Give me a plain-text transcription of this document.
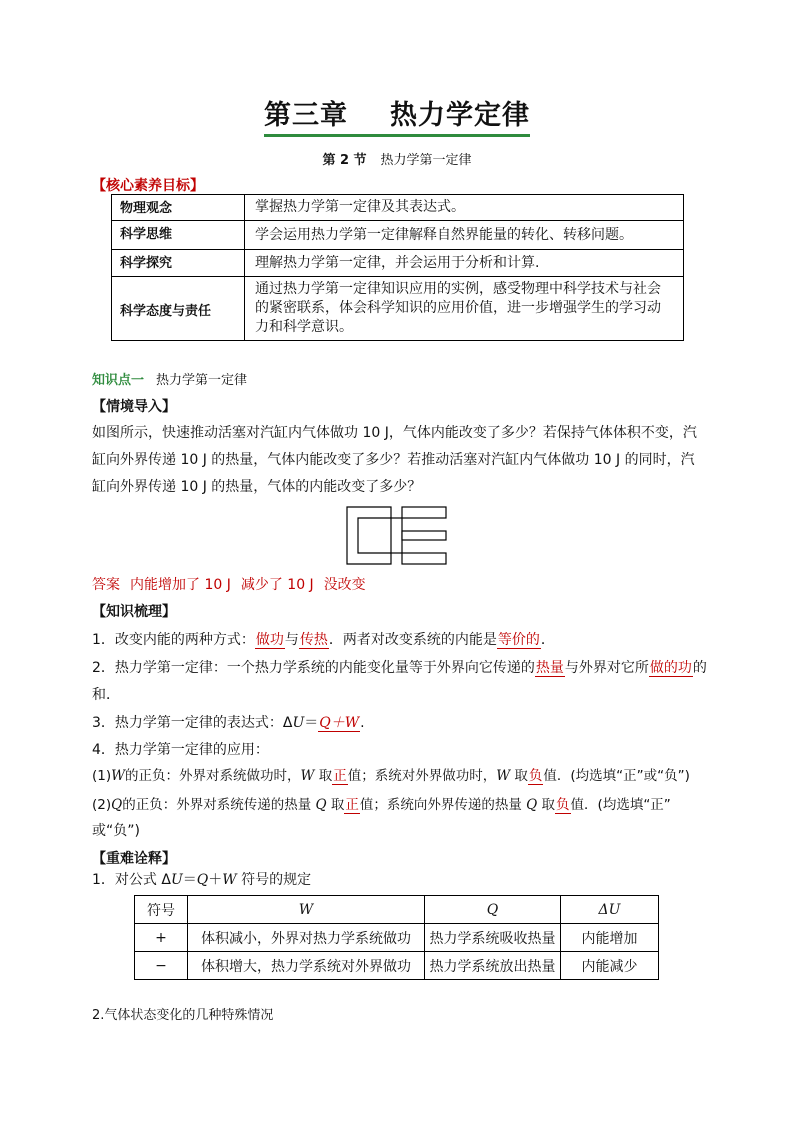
第三章 热力学定律
第 2 节 热力学第一定律
【核心素养目标】
物理观念	掌握热力学第一定律及其表达式。
科学思维	学会运用热力学第一定律解释自然界能量的转化、转移问题。
科学探究	理解热力学第一定律，并会运用于分析和计算.
科学态度与责任	通过热力学第一定律知识应用的实例，感受物理中科学技术与社会的紧密联系，体会科学知识的应用价值，进一步增强学生的学习动力和科学意识。
知识点一 热力学第一定律
【情境导入】
如图所示，快速推动活塞对汽缸内气体做功 10 J，气体内能改变了多少？若保持气体体积不变，汽缸向外界传递 10 J 的热量，气体内能改变了多少？若推动活塞对汽缸内气体做功 10 J 的同时，汽缸向外界传递 10 J 的热量，气体的内能改变了多少？
答案 内能增加了 10 J 减少了 10 J 没改变
【知识梳理】
1．改变内能的两种方式：做功与传热．两者对改变系统的内能是等价的．
2．热力学第一定律：一个热力学系统的内能变化量等于外界向它传递的热量与外界对它所做的功的
和．
3．热力学第一定律的表达式：ΔU＝Q＋W.
4．热力学第一定律的应用：
(1)W的正负：外界对系统做功时，W 取正值；系统对外界做功时，W 取负值．(均选填“正”或“负”)
(2)Q的正负：外界对系统传递的热量 Q 取正值；系统向外界传递的热量 Q 取负值．(均选填“正”
或“负”)
【重难诠释】
1．对公式 ΔU＝Q＋W 符号的规定
符号	W	Q	ΔU
+	体积减小，外界对热力学系统做功	热力学系统吸收热量	内能增加
−	体积增大，热力学系统对外界做功	热力学系统放出热量	内能减少
2.气体状态变化的几种特殊情况
